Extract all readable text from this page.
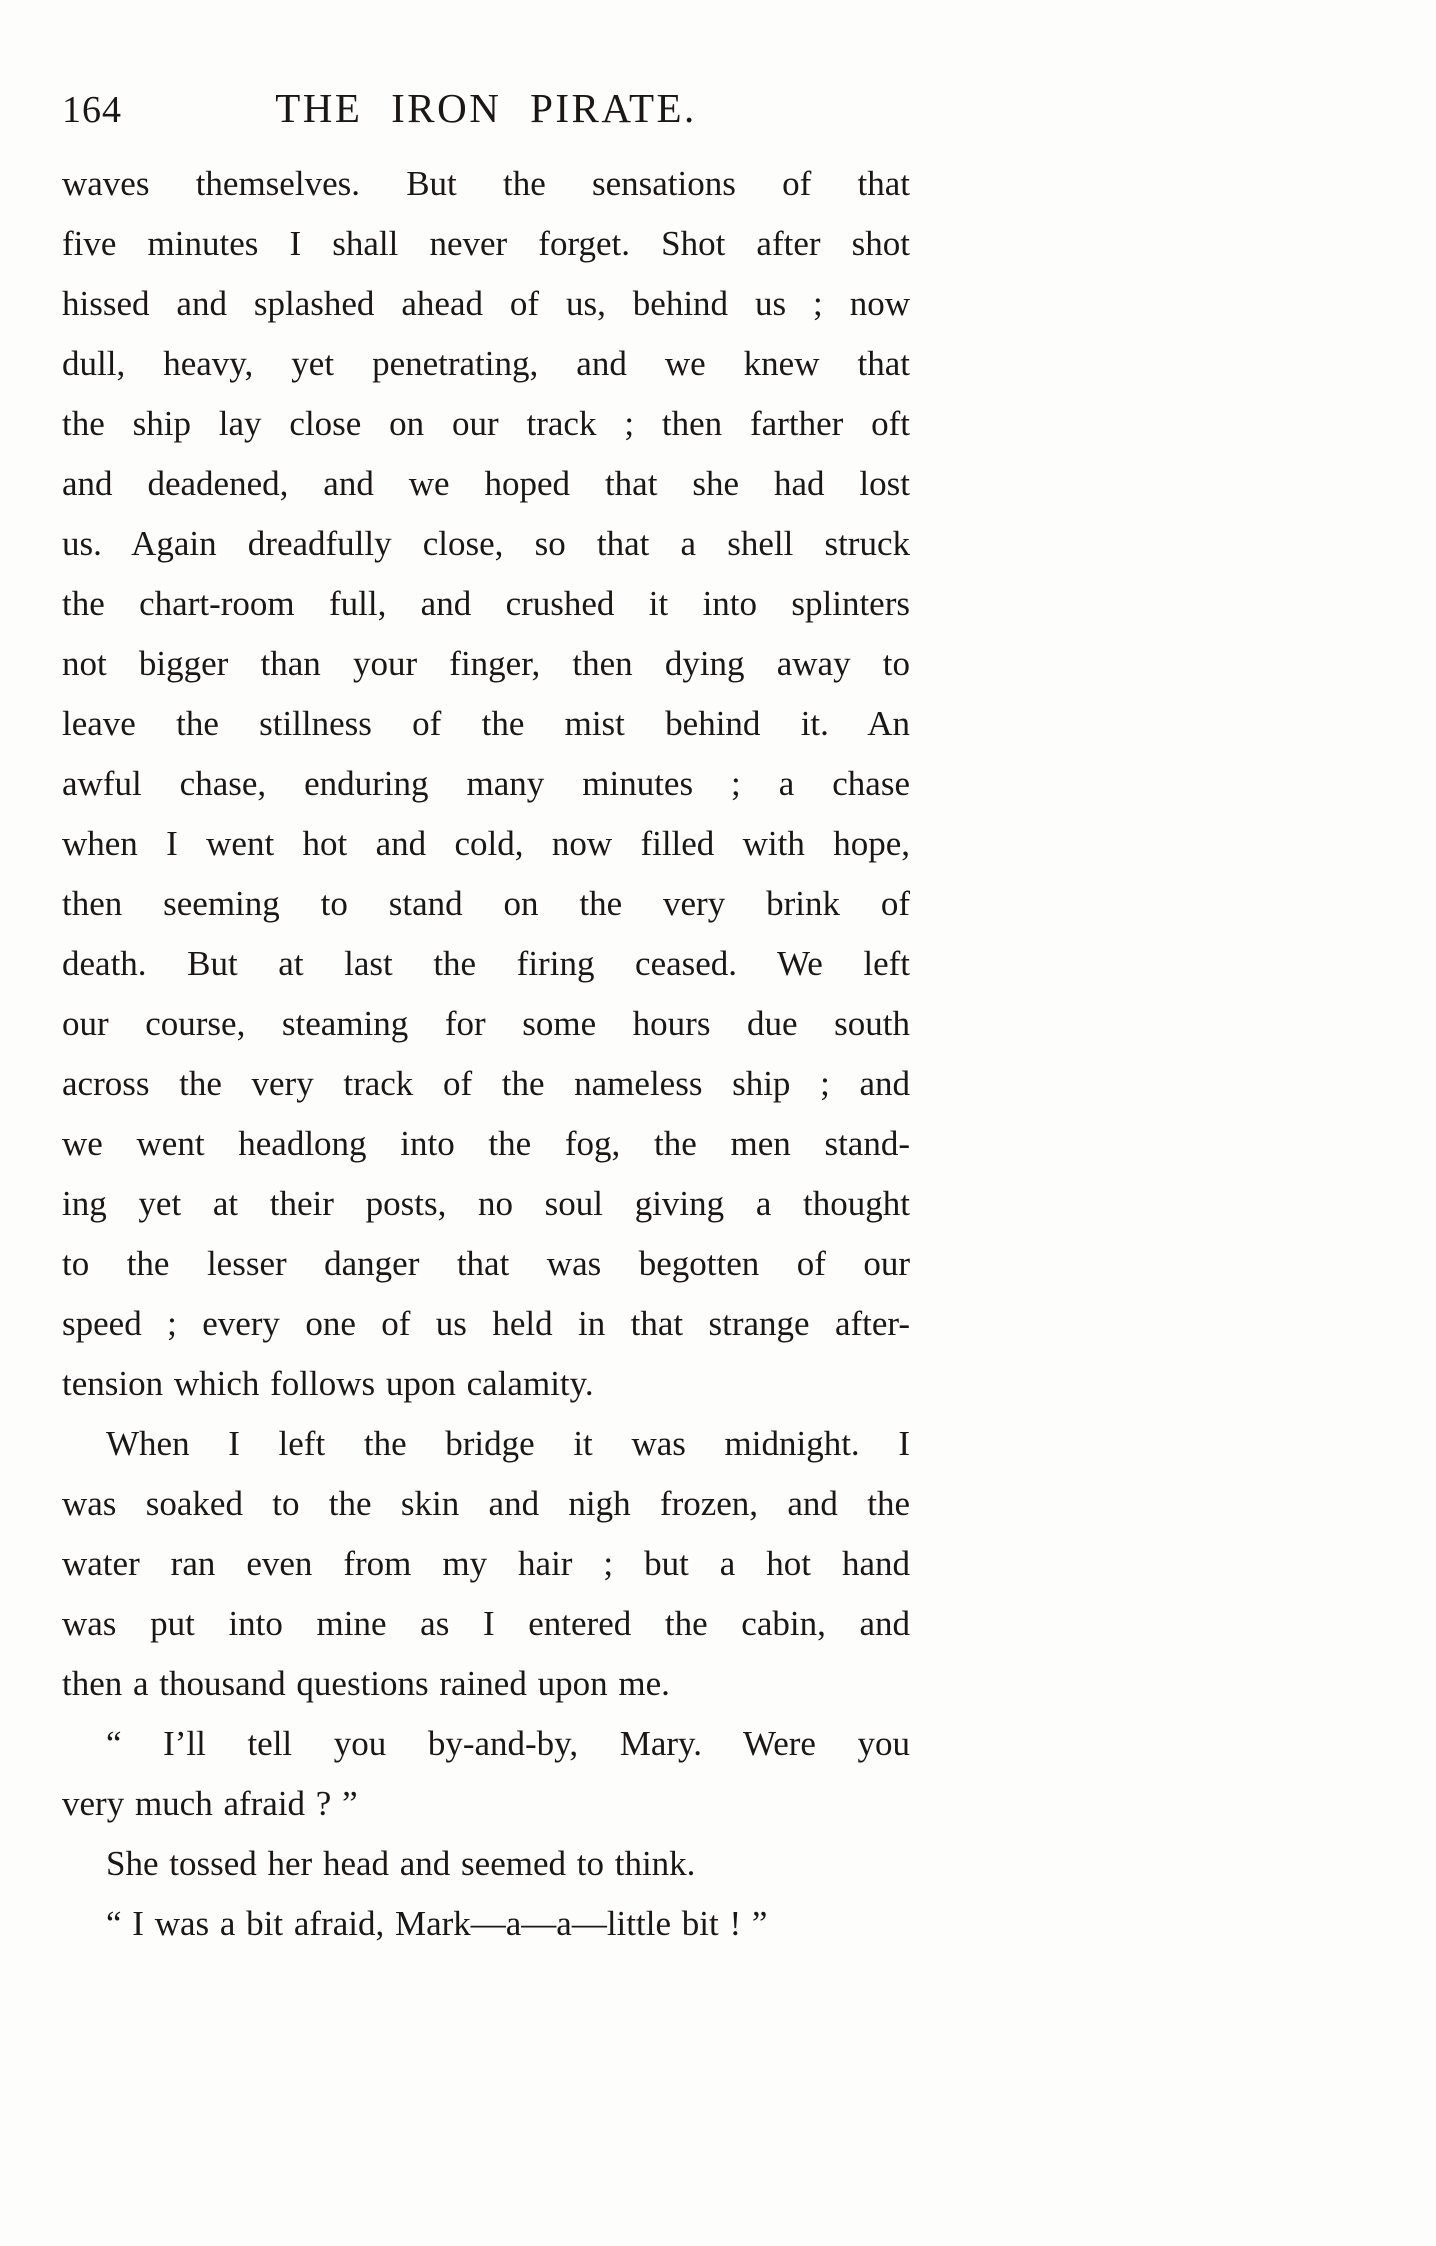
164	THE IRON PIRATE.
waves themselves. But the sensations of that
five minutes I shall never forget. Shot after shot
hissed and splashed ahead of us, behind us ; now
dull, heavy, yet penetrating, and we knew that
the ship lay close on our track ; then farther oft
and deadened, and we hoped that she had lost
us. Again dreadfully close, so that a shell struck
the chart-room full, and crushed it into splinters
not bigger than your finger, then dying away to
leave the stillness of the mist behind it. An
awful chase, enduring many minutes ; a chase
when I went hot and cold, now filled with hope,
then seeming to stand on the very brink of
death. But at last the firing ceased. We left
our course, steaming for some hours due south
across the very track of the nameless ship ; and
we went headlong into the fog, the men stand-
ing yet at their posts, no soul giving a thought
to the lesser danger that was begotten of our
speed ; every one of us held in that strange after-
tension which follows upon calamity.
When I left the bridge it was midnight. I
was soaked to the skin and nigh frozen, and the
water ran even from my hair ; but a hot hand
was put into mine as I entered the cabin, and
then a thousand questions rained upon me.
“ I’ll tell you by-and-by, Mary. Were you
very much afraid ? ”
She tossed her head and seemed to think.
“ I was a bit afraid, Mark—a—a—little bit ! ”
